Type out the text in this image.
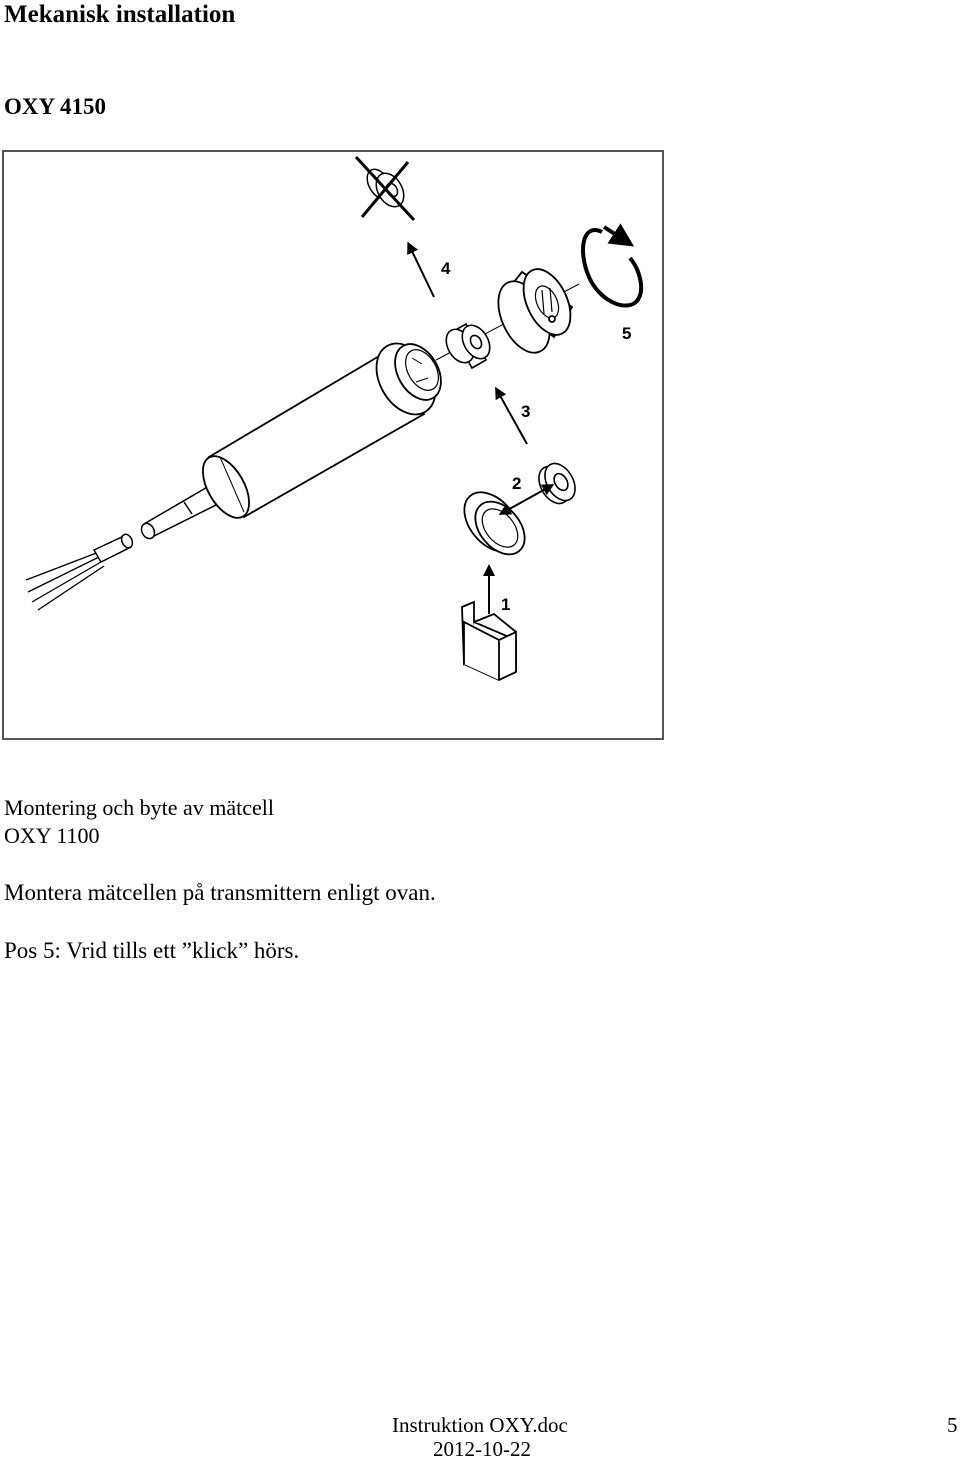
Mekanisk installation
OXY 4150
4
5
3
2
1
Montering och byte av mätcell
OXY 1100
Montera mätcellen på transmittern enligt ovan.
Pos 5: Vrid tills ett ”klick” hörs.
Instruktion OXY.doc
2012-10-22
5
